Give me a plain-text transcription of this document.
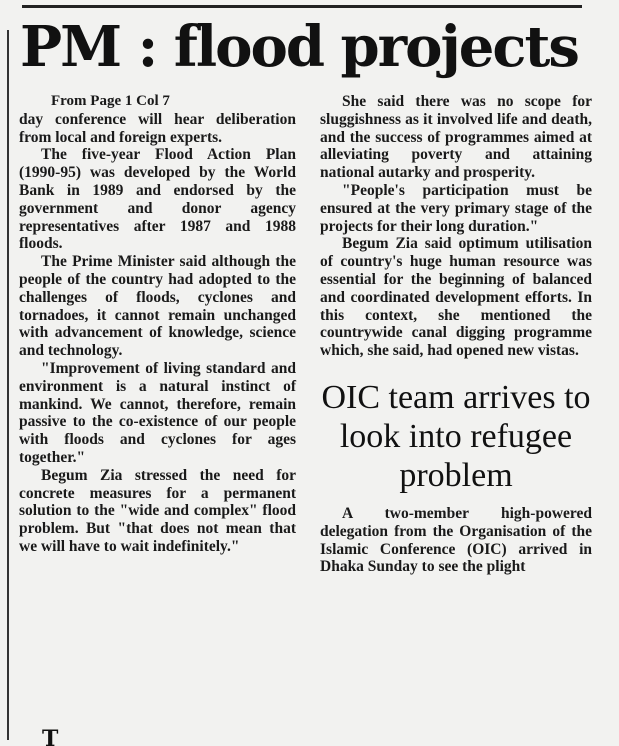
PM : flood projects

From Page 1 Col 7

day conference will hear deliberation from local and foreign experts.

The five-year Flood Action Plan (1990-95) was developed by the World Bank in 1989 and endorsed by the government and donor agency representatives after 1987 and 1988 floods.

The Prime Minister said although the people of the country had adopted to the challenges of floods, cyclones and tornadoes, it cannot remain unchanged with advancement of knowledge, science and technology.

"Improvement of living standard and environment is a natural instinct of mankind. We cannot, therefore, remain passive to the co-existence of our people with floods and cyclones for ages together."

Begum Zia stressed the need for concrete measures for a permanent solution to the "wide and complex" flood problem. But "that does not mean that we will have to wait indefinitely."

She said there was no scope for sluggishness as it involved life and death, and the success of programmes aimed at alleviating poverty and attaining national autarky and prosperity.

"People's participation must be ensured at the very primary stage of the projects for their long duration."

Begum Zia said optimum utilisation of country's huge human resource was essential for the beginning of balanced and coordinated development efforts. In this context, she mentioned the countrywide canal digging programme which, she said, had opened new vistas.

OIC team arrives to look into refugee problem

A two-member high-powered delegation from the Organisation of the Islamic Conference (OIC) arrived in Dhaka Sunday to see the plight

T
